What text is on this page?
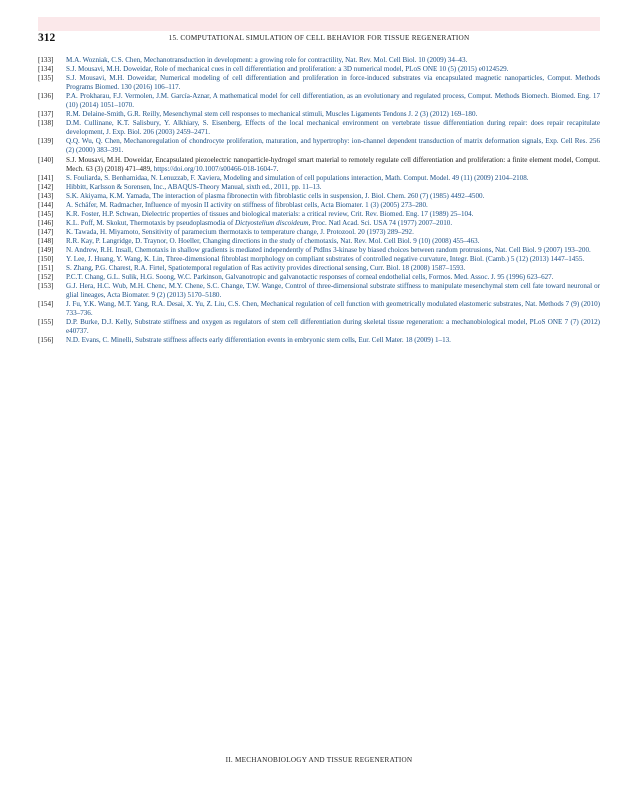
312	15. COMPUTATIONAL SIMULATION OF CELL BEHAVIOR FOR TISSUE REGENERATION
[133]	M.A. Wozniak, C.S. Chen, Mechanotransduction in development: a growing role for contractility, Nat. Rev. Mol. Cell Biol. 10 (2009) 34–43.
[134]	S.J. Mousavi, M.H. Doweidar, Role of mechanical cues in cell differentiation and proliferation: a 3D numerical model, PLoS ONE 10 (5) (2015) e0124529.
[135]	S.J. Mousavi, M.H. Doweidar, Numerical modeling of cell differentiation and proliferation in force-induced substrates via encapsulated magnetic nanoparticles, Comput. Methods Programs Biomed. 130 (2016) 106–117.
[136]	P.A. Prokharau, F.J. Vermolen, J.M. García-Aznar, A mathematical model for cell differentiation, as an evolutionary and regulated process, Comput. Methods Biomech. Biomed. Eng. 17 (10) (2014) 1051–1070.
[137]	R.M. Delaine-Smith, G.R. Reilly, Mesenchymal stem cell responses to mechanical stimuli, Muscles Ligaments Tendons J. 2 (3) (2012) 169–180.
[138]	D.M. Cullinane, K.T. Salisbury, Y. Alkhiary, S. Eisenberg, Effects of the local mechanical environment on vertebrate tissue differentiation during repair: does repair recapitulate development, J. Exp. Biol. 206 (2003) 2459–2471.
[139]	Q.Q. Wu, Q. Chen, Mechanoregulation of chondrocyte proliferation, maturation, and hypertrophy: ion-channel dependent transduction of matrix deformation signals, Exp. Cell Res. 256 (2) (2000) 383–391.
[140]	S.J. Mousavi, M.H. Doweidar, Encapsulated piezoelectric nanoparticle-hydrogel smart material to remotely regulate cell differentiation and proliferation: a finite element model, Comput. Mech. 63 (3) (2018) 471–489, https://doi.org/10.1007/s00466-018-1604-7.
[141]	S. Fouliarda, S. Benhamidaa, N. Lenuzzab, F. Xavierа, Modeling and simulation of cell populations interaction, Math. Comput. Model. 49 (11) (2009) 2104–2108.
[142]	Hibbitt, Karlsson & Sorensen, Inc., ABAQUS-Theory Manual, sixth ed., 2011, pp. 11–13.
[143]	S.K. Akiyama, K.M. Yamada, The interaction of plasma fibronectin with fibroblastic cells in suspension, J. Biol. Chem. 260 (7) (1985) 4492–4500.
[144]	A. Schäfer, M. Radmacher, Influence of myosin II activity on stiffness of fibroblast cells, Acta Biomater. 1 (3) (2005) 273–280.
[145]	K.R. Foster, H.P. Schwan, Dielectric properties of tissues and biological materials: a critical review, Crit. Rev. Biomed. Eng. 17 (1989) 25–104.
[146]	K.L. Poff, M. Skokut, Thermotaxis by pseudoplasmodia of Dictyostelium discoideum, Proc. Natl Acad. Sci. USA 74 (1977) 2007–2010.
[147]	K. Tawada, H. Miyamoto, Sensitivity of paramecium thermotaxis to temperature change, J. Protozool. 20 (1973) 289–292.
[148]	R.R. Kay, P. Langridge, D. Traynor, O. Hoeller, Changing directions in the study of chemotaxis, Nat. Rev. Mol. Cell Biol. 9 (10) (2008) 455–463.
[149]	N. Andrew, R.H. Insall, Chemotaxis in shallow gradients is mediated independently of PtdIns 3-kinase by biased choices between random protrusions, Nat. Cell Biol. 9 (2007) 193–200.
[150]	Y. Lee, J. Huang, Y. Wang, K. Lin, Three-dimensional fibroblast morphology on compliant substrates of controlled negative curvature, Integr. Biol. (Camb.) 5 (12) (2013) 1447–1455.
[151]	S. Zhang, P.G. Charest, R.A. Firtel, Spatiotemporal regulation of Ras activity provides directional sensing, Curr. Biol. 18 (2008) 1587–1593.
[152]	P.C.T. Chang, G.L. Sulik, H.G. Soong, W.C. Parkinson, Galvanotropic and galvanotactic responses of corneal endothelial cells, Formos. Med. Assoc. J. 95 (1996) 623–627.
[153]	G.J. Hera, H.C. Wub, M.H. Chenc, M.Y. Chene, S.C. Change, T.W. Wange, Control of three-dimensional substrate stiffness to manipulate mesenchymal stem cell fate toward neuronal or glial lineages, Acta Biomater. 9 (2) (2013) 5170–5180.
[154]	J. Fu, Y.K. Wang, M.T. Yang, R.A. Desai, X. Yu, Z. Liu, C.S. Chen, Mechanical regulation of cell function with geometrically modulated elastomeric substrates, Nat. Methods 7 (9) (2010) 733–736.
[155]	D.P. Burke, D.J. Kelly, Substrate stiffness and oxygen as regulators of stem cell differentiation during skeletal tissue regeneration: a mechanobiological model, PLoS ONE 7 (7) (2012) e40737.
[156]	N.D. Evans, C. Minelli, Substrate stiffness affects early differentiation events in embryonic stem cells, Eur. Cell Mater. 18 (2009) 1–13.
II. MECHANOBIOLOGY AND TISSUE REGENERATION
